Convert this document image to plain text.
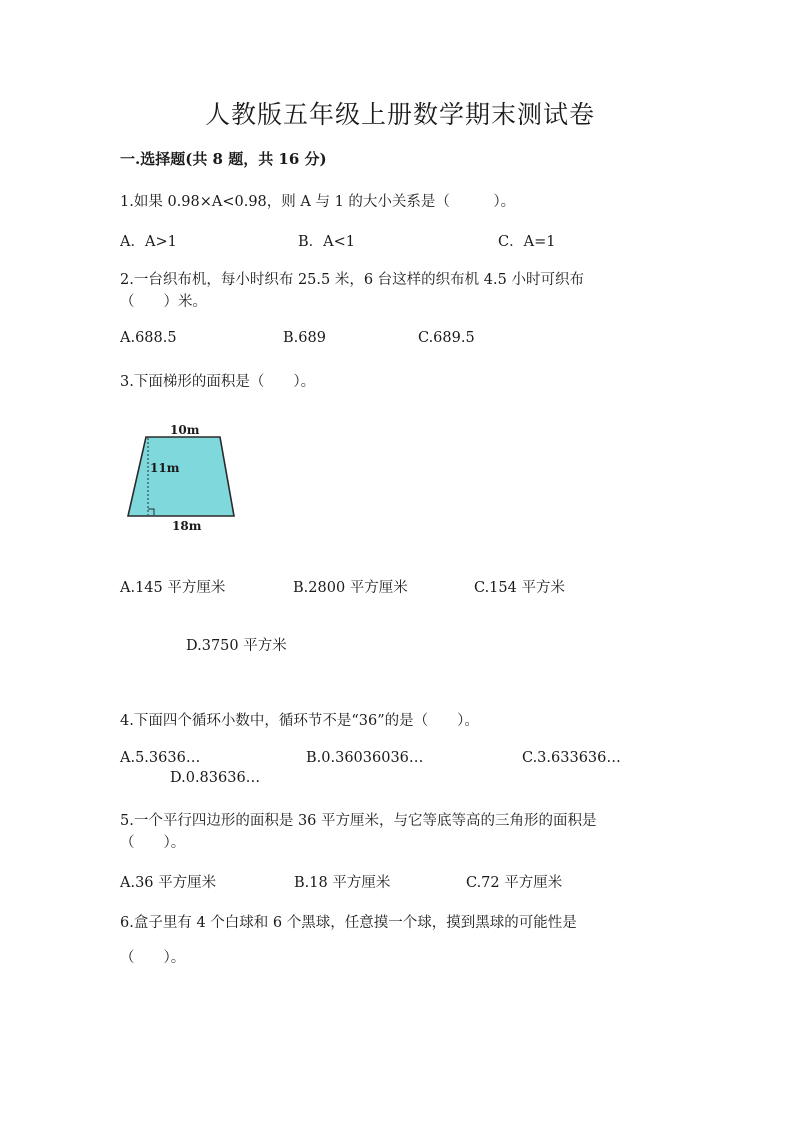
人教版五年级上册数学期末测试卷
一.选择题(共 8 题，共 16 分)
1.如果 0.98×A<0.98，则 A 与 1 的大小关系是（　　　）。
A．A>1	B．A<1	C．A=1
2.一台织布机，每小时织布 25.5 米，6 台这样的织布机 4.5 小时可织布
（　　）米。
A.688.5	B.689	C.689.5
3.下面梯形的面积是（　　）。
10m
11m
18m
A.145 平方厘米	B.2800 平方厘米	C.154 平方米
D.3750 平方米
4.下面四个循环小数中，循环节不是“36”的是（　　）。
A.5.3636…	B.0.36036036…	C.3.633636…
D.0.83636…
5.一个平行四边形的面积是 36 平方厘米，与它等底等高的三角形的面积是
（　　）。
A.36 平方厘米	B.18 平方厘米	C.72 平方厘米
6.盒子里有 4 个白球和 6 个黑球，任意摸一个球，摸到黑球的可能性是
（　　）。
